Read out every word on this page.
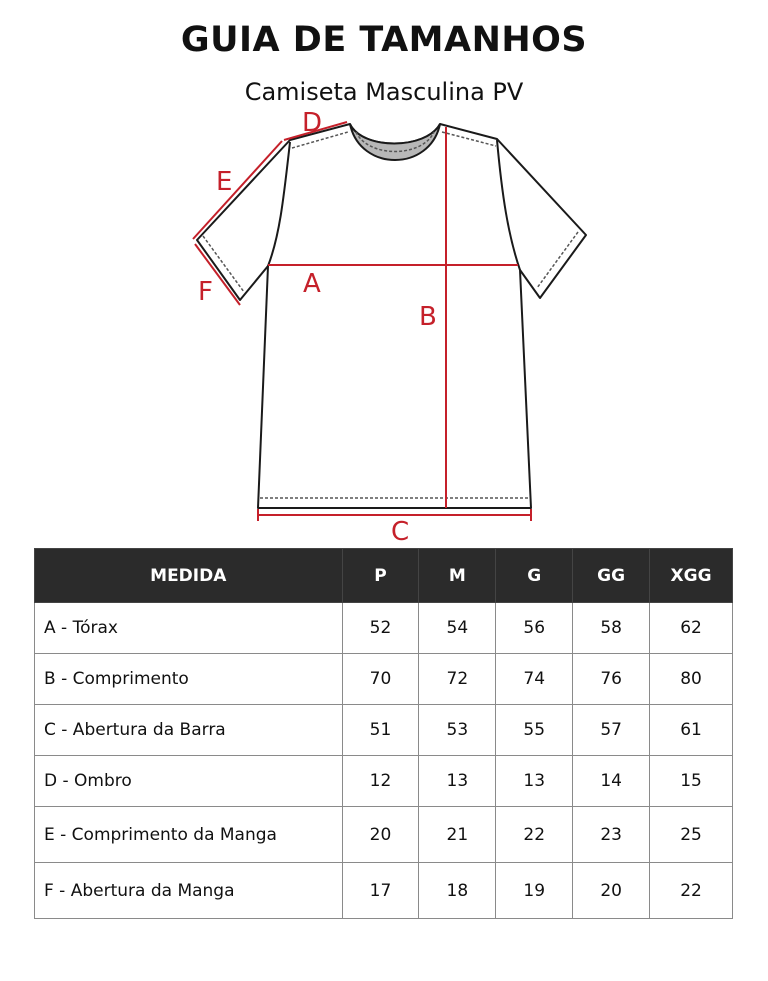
GUIA DE TAMANHOS
Camiseta Masculina PV
A
B
C
D
E
F
MEDIDA	P	M	G	GG	XGG
A - Tórax	52	54	56	58	62
B - Comprimento	70	72	74	76	80
C - Abertura da Barra	51	53	55	57	61
D - Ombro	12	13	13	14	15
E - Comprimento da Manga	20	21	22	23	25
F - Abertura da Manga	17	18	19	20	22
